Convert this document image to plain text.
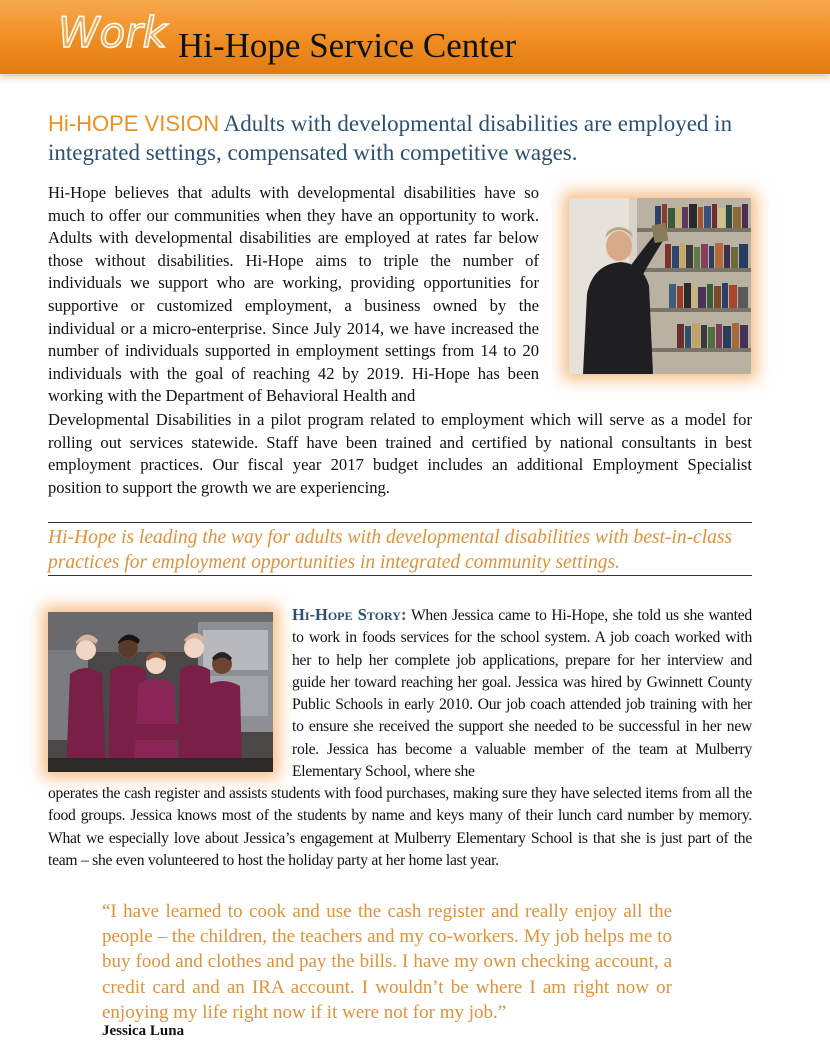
Work Hi-Hope Service Center
Hi-HOPE VISION Adults with developmental disabilities are employed in integrated settings, compensated with competitive wages.

Hi-Hope believes that adults with developmental disabilities have so much to offer our communities when they have an opportunity to work. Adults with developmental disabilities are employed at rates far below those without disabilities. Hi-Hope aims to triple the number of individuals we support who are working, providing opportunities for supportive or customized employment, a business owned by the individual or a micro-enterprise. Since July 2014, we have increased the number of individuals supported in employment settings from 14 to 20 individuals with the goal of reaching 42 by 2019. Hi-Hope has been working with the Department of Behavioral Health and

Developmental Disabilities in a pilot program related to employment which will serve as a model for rolling out services statewide. Staff have been trained and certified by national consultants in best employment practices. Our fiscal year 2017 budget includes an additional Employment Specialist position to support the growth we are experiencing.

Hi-Hope is leading the way for adults with developmental disabilities with best-in-class practices for employment opportunities in integrated community settings.

Hi-Hope Story: When Jessica came to Hi-Hope, she told us she wanted to work in foods services for the school system. A job coach worked with her to help her complete job applications, prepare for her interview and guide her toward reaching her goal. Jessica was hired by Gwinnett County Public Schools in early 2010. Our job coach attended job training with her to ensure she received the support she needed to be successful in her new role. Jessica has become a valuable member of the team at Mulberry Elementary School, where she

operates the cash register and assists students with food purchases, making sure they have selected items from all the food groups. Jessica knows most of the students by name and keys many of their lunch card number by memory. What we especially love about Jessica’s engagement at Mulberry Elementary School is that she is just part of the team – she even volunteered to host the holiday party at her home last year.

“I have learned to cook and use the cash register and really enjoy all the people – the children, the teachers and my co-workers. My job helps me to buy food and clothes and pay the bills. I have my own checking account, a credit card and an IRA account. I wouldn’t be where I am right now or enjoying my life right now if it were not for my job.”
Jessica Luna
